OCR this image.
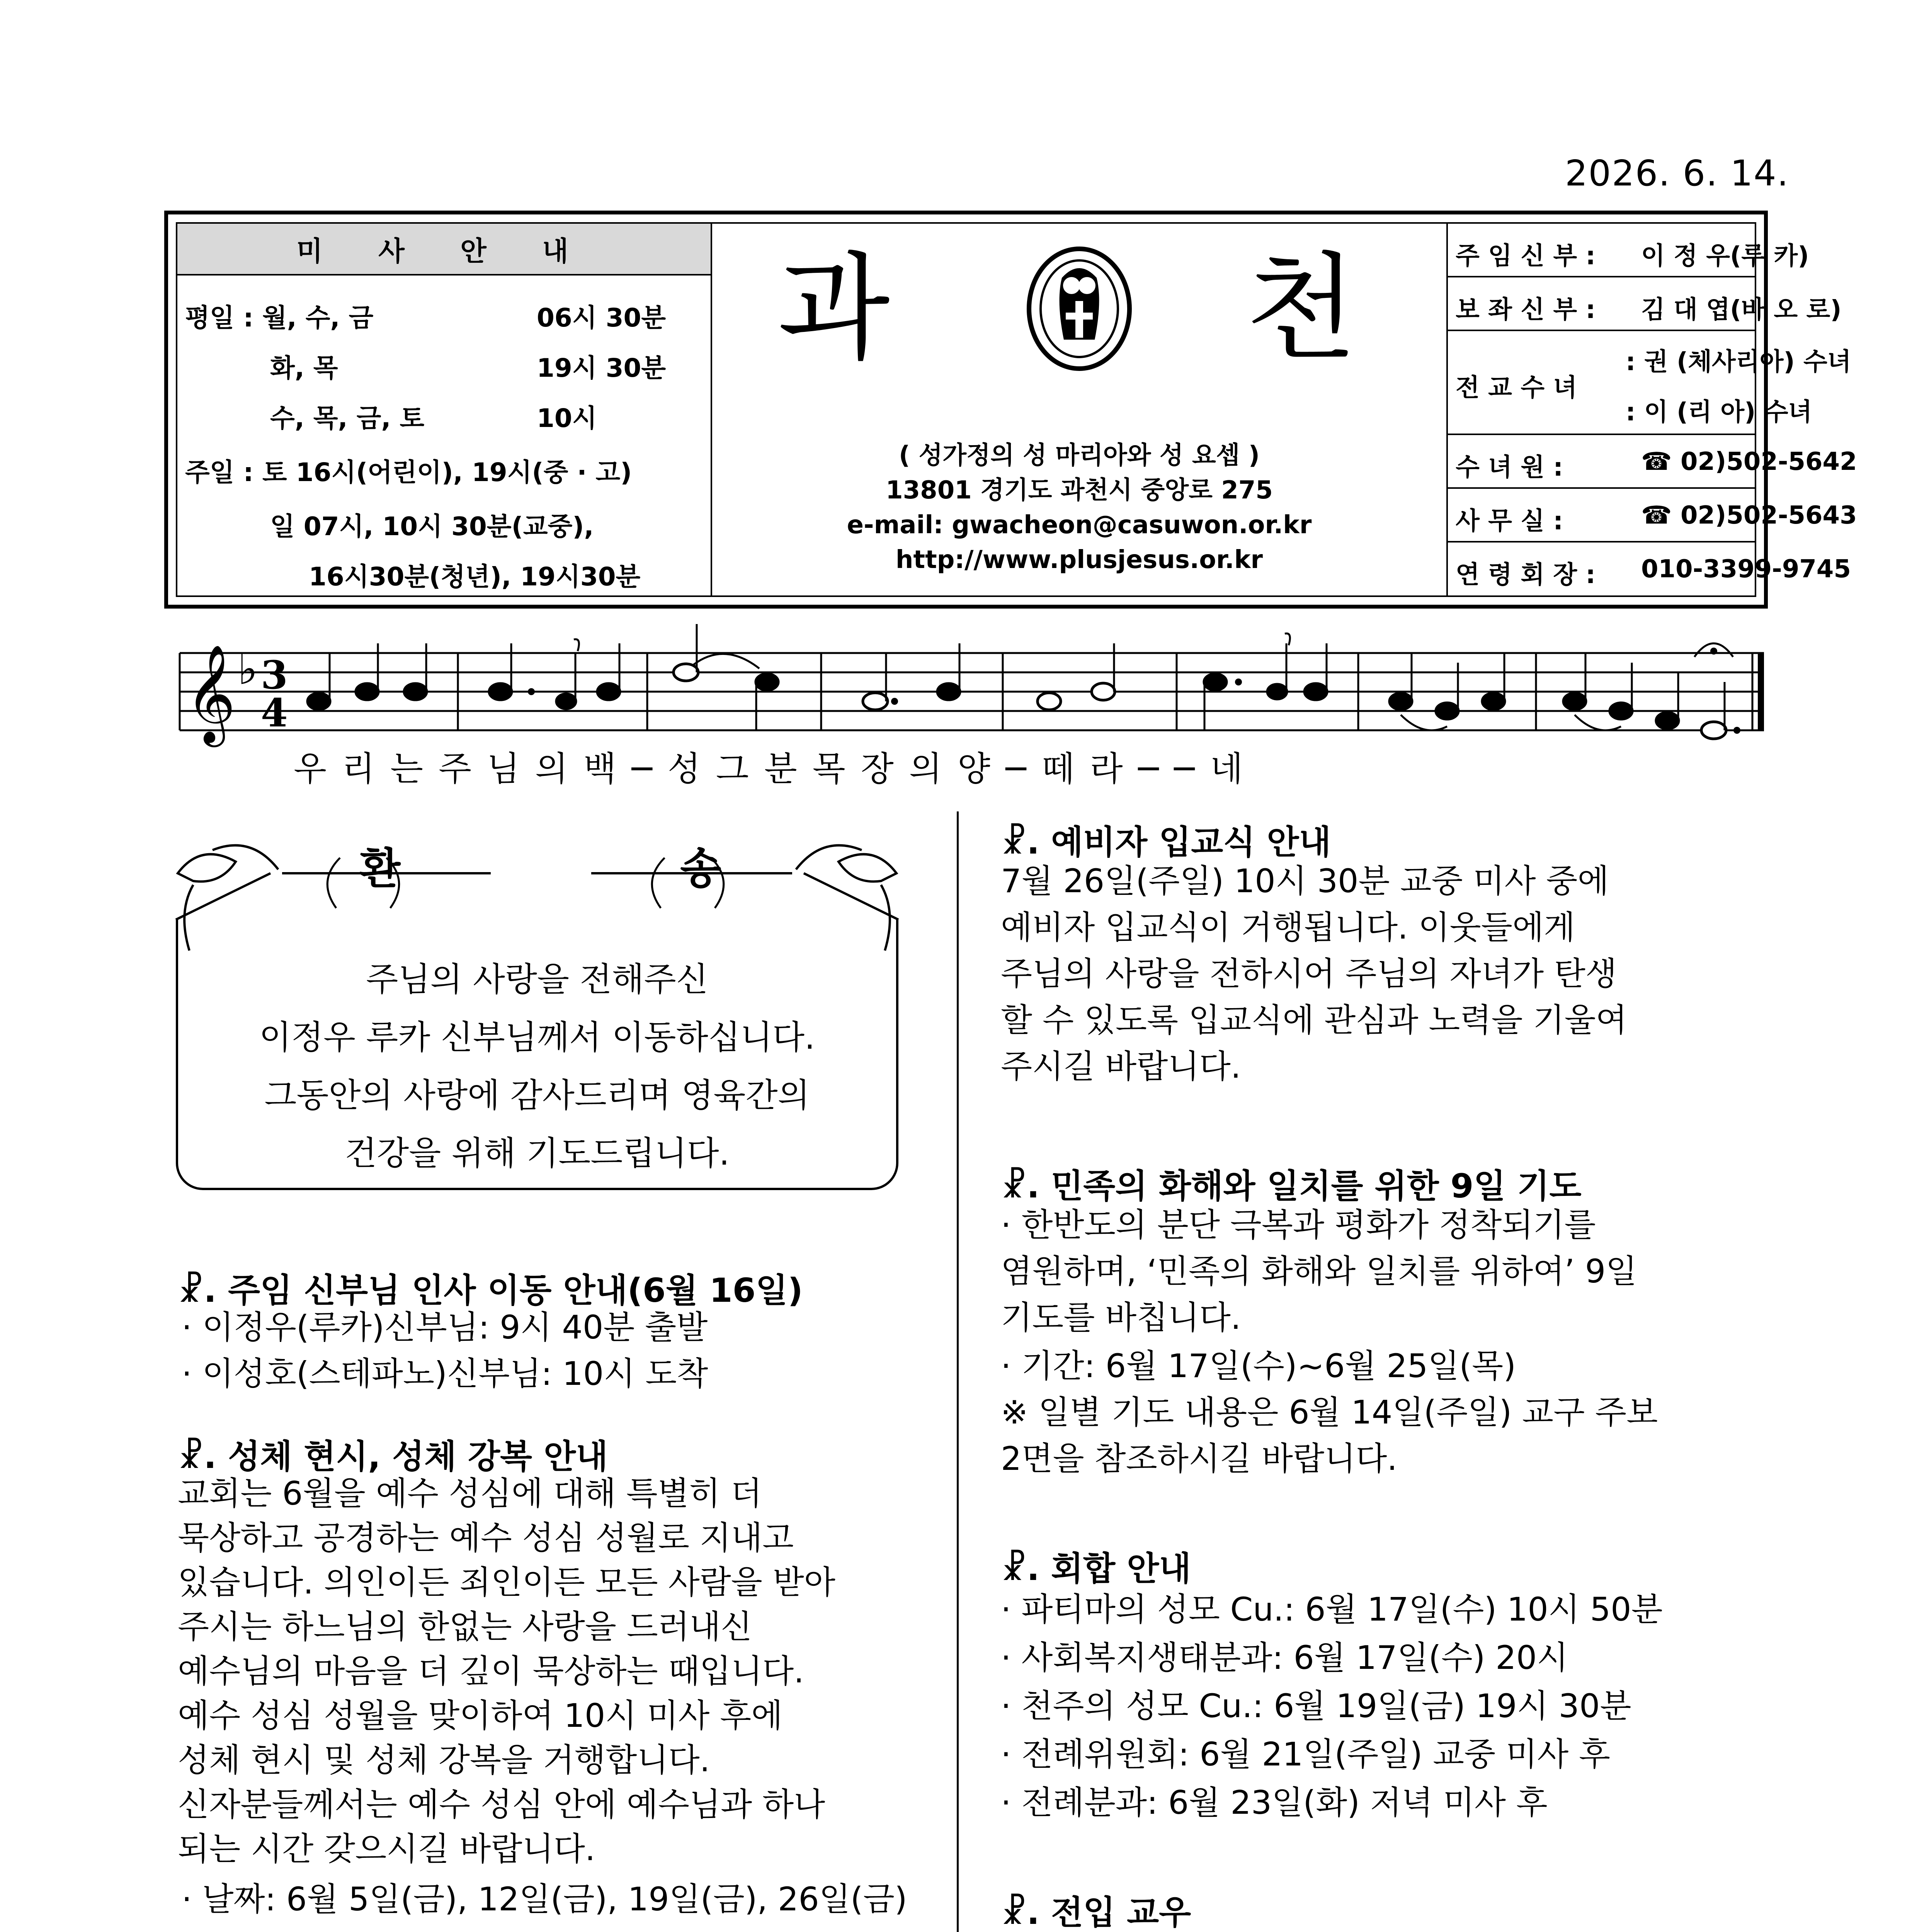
2026. 6. 14.
미 사 안 내
평일 : 월, 수, 금	06시 30분
화, 목	19시 30분
수, 목, 금, 토	10시
주일 : 토 16시(어린이), 19시(중 · 고)
일 07시, 10시 30분(교중),
16시30분(청년), 19시30분
과	천
( 성가정의 성 마리아와 성 요셉 )
13801 경기도 과천시 중앙로 275
e-mail: gwacheon@casuwon.or.kr
http://www.plusjesus.or.kr
주 임 신 부 : 이 정 우(루 카)
보 좌 신 부 : 김 대 엽(바 오 로)
전 교 수 녀
: 권 (체사리아) 수녀
: 이 (리 아) 수녀
수 녀 원 :	☎ 02)502-5642
사 무 실 :	☎ 02)502-5643
연 령 회 장 : 010-3399-9745
𝄞 ♭ 3
4
우 리 는 주 님 의 백 ─ 성 그 분 목 장 의 양 ─ 떼 라 ─ ─ 네
환	송
주님의 사랑을 전해주신
이정우 루카 신부님께서 이동하십니다.
그동안의 사랑에 감사드리며 영육간의
건강을 위해 기도드립니다.
☧. 주임 신부님 인사 이동 안내(6월 16일)
· 이정우(루카)신부님: 9시 40분 출발
· 이성호(스테파노)신부님: 10시 도착
☧. 성체 현시, 성체 강복 안내
교회는 6월을 예수 성심에 대해 특별히 더
묵상하고 공경하는 예수 성심 성월로 지내고
있습니다. 의인이든 죄인이든 모든 사람을 받아
주시는 하느님의 한없는 사랑을 드러내신
예수님의 마음을 더 깊이 묵상하는 때입니다.
예수 성심 성월을 맞이하여 10시 미사 후에
성체 현시 및 성체 강복을 거행합니다.
신자분들께서는 예수 성심 안에 예수님과 하나
되는 시간 갖으시길 바랍니다.
· 날짜: 6월 5일(금), 12일(금), 19일(금), 26일(금)
☧. 예비자 입교식 안내
7월 26일(주일) 10시 30분 교중 미사 중에
예비자 입교식이 거행됩니다. 이웃들에게
주님의 사랑을 전하시어 주님의 자녀가 탄생
할 수 있도록 입교식에 관심과 노력을 기울여
주시길 바랍니다.
☧. 민족의 화해와 일치를 위한 9일 기도
· 한반도의 분단 극복과 평화가 정착되기를
염원하며, ‘민족의 화해와 일치를 위하여’ 9일
기도를 바칩니다.
· 기간: 6월 17일(수)~6월 25일(목)
※ 일별 기도 내용은 6월 14일(주일) 교구 주보
2면을 참조하시길 바랍니다.
☧. 회합 안내
· 파티마의 성모 Cu.: 6월 17일(수) 10시 50분
· 사회복지생태분과: 6월 17일(수) 20시
· 천주의 성모 Cu.: 6월 19일(금) 19시 30분
· 전례위원회: 6월 21일(주일) 교중 미사 후
· 전례분과: 6월 23일(화) 저녁 미사 후
☧. 전입 교우
